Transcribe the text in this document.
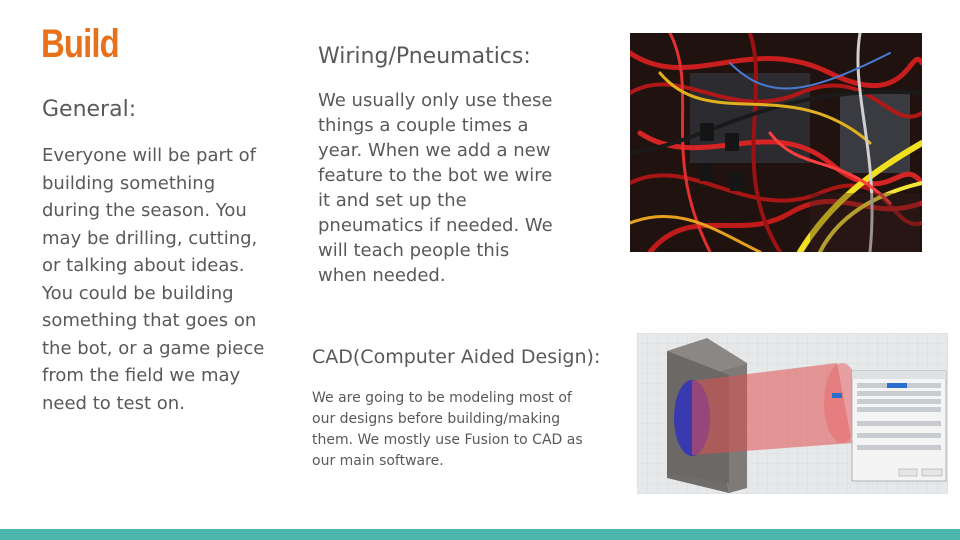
Build
General:
Everyone will be part of
building something
during the season. You
may be drilling, cutting,
or talking about ideas.
You could be building
something that goes on
the bot, or a game piece
from the field we may
need to test on.
Wiring/Pneumatics:
We usually only use these
things a couple times a
year. When we add a new
feature to the bot we wire
it and set up the
pneumatics if needed. We
will teach people this
when needed.
CAD(Computer Aided Design):
We are going to be modeling most of
our designs before building/making
them. We mostly use Fusion to CAD as
our main software.
